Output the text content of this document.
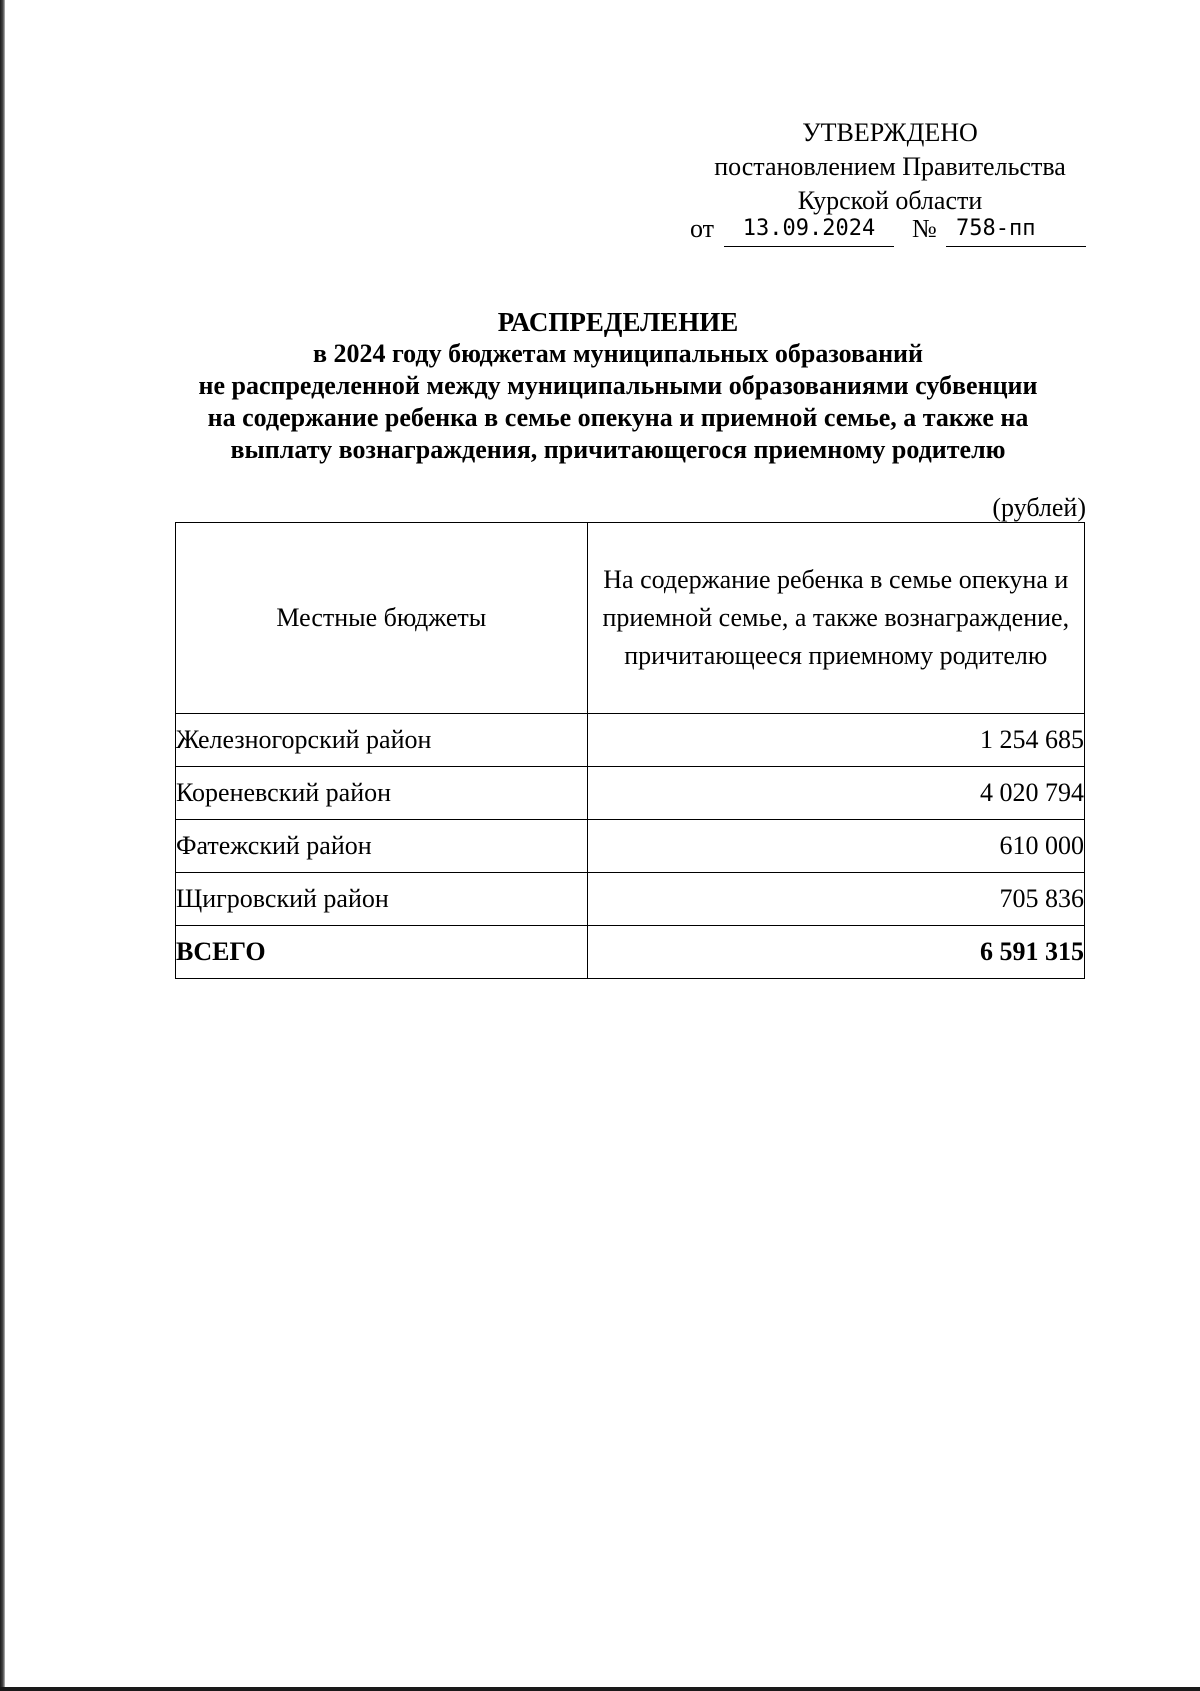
УТВЕРЖДЕНО
постановлением Правительства
Курской области
от	13.09.2024	№ 758-пп
РАСПРЕДЕЛЕНИЕ
в 2024 году бюджетам муниципальных образований
не распределенной между муниципальными образованиями субвенции
на содержание ребенка в семье опекуна и приемной семье, а также на
выплату вознаграждения, причитающегося приемному родителю
(рублей)
Местные бюджеты	На содержание ребенка в семье опекуна и приемной семье, а также вознаграждение, причитающееся приемному родителю

Железногорский район	1 254 685
Кореневский район	4 020 794
Фатежский район	610 000
Щигровский район	705 836
ВСЕГО	6 591 315
